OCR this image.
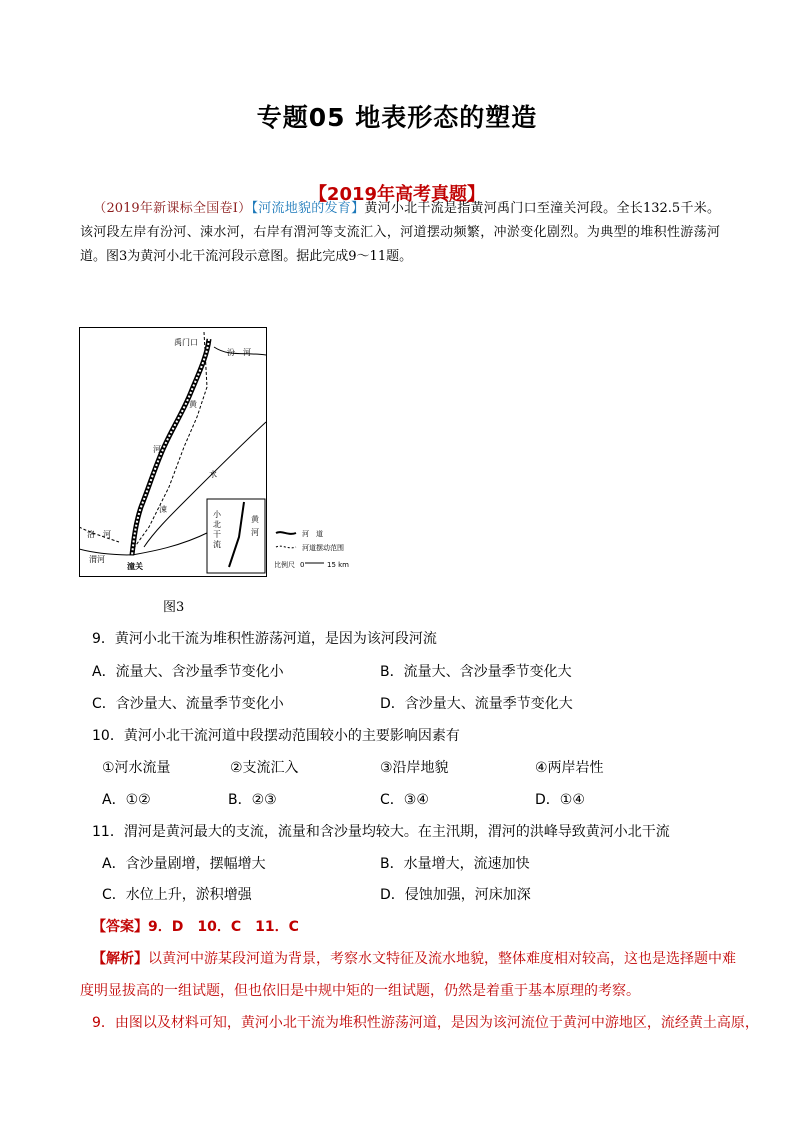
专题05 地表形态的塑造
【2019年高考真题】
 （2019年新课标全国卷Ⅰ）【河流地貌的发育】黄河小北干流是指黄河禹门口至潼关河段。全长132.5千米。该河段左岸有汾河、涑水河，右岸有渭河等支流汇入，河道摆动频繁，冲淤变化剧烈。为典型的堆积性游荡河道。图3为黄河小北干流河段示意图。据此完成9～11题。
禹门口
汾　河
黄
河
水
涑
洛　河
渭河
潼关
黄
河
小
北
干
流
河　道
河道摆动范围
比例尺 0	15 km
图3
9．黄河小北干流为堆积性游荡河道，是因为该河段河流
A．流量大、含沙量季节变化小	B．流量大、含沙量季节变化大
C．含沙量大、流量季节变化小	D．含沙量大、流量季节变化大
10．黄河小北干流河道中段摆动范围较小的主要影响因素有
①河水流量	②支流汇入	③沿岸地貌	④两岸岩性
A．①②	B．②③	C．③④	D．①④
11．渭河是黄河最大的支流，流量和含沙量均较大。在主汛期，渭河的洪峰导致黄河小北干流
A．含沙量剧增，摆幅增大	B．水量增大，流速加快
C．水位上升，淤积增强	D．侵蚀加强，河床加深
【答案】9．D　10．C　11．C
【解析】以黄河中游某段河道为背景，考察水文特征及流水地貌，整体难度相对较高，这也是选择题中难
度明显拔高的一组试题，但也依旧是中规中矩的一组试题，仍然是着重于基本原理的考察。
9．由图以及材料可知，黄河小北干流为堆积性游荡河道，是因为该河流位于黄河中游地区，流经黄土高原，
